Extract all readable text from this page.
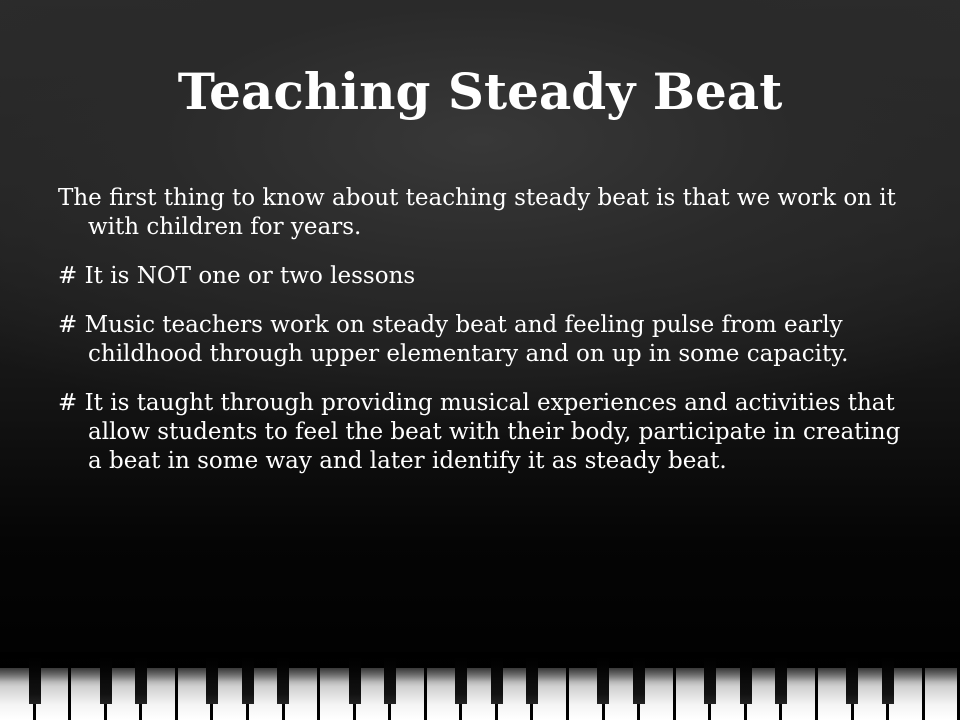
Teaching Steady Beat

The first thing to know about teaching steady beat is that we work on it with children for years.

# It is NOT one or two lessons

# Music teachers work on steady beat and feeling pulse from early childhood through upper elementary and on up in some capacity.

# It is taught through providing musical experiences and activities that allow students to feel the beat with their body, participate in creating a beat in some way and later identify it as steady beat.
